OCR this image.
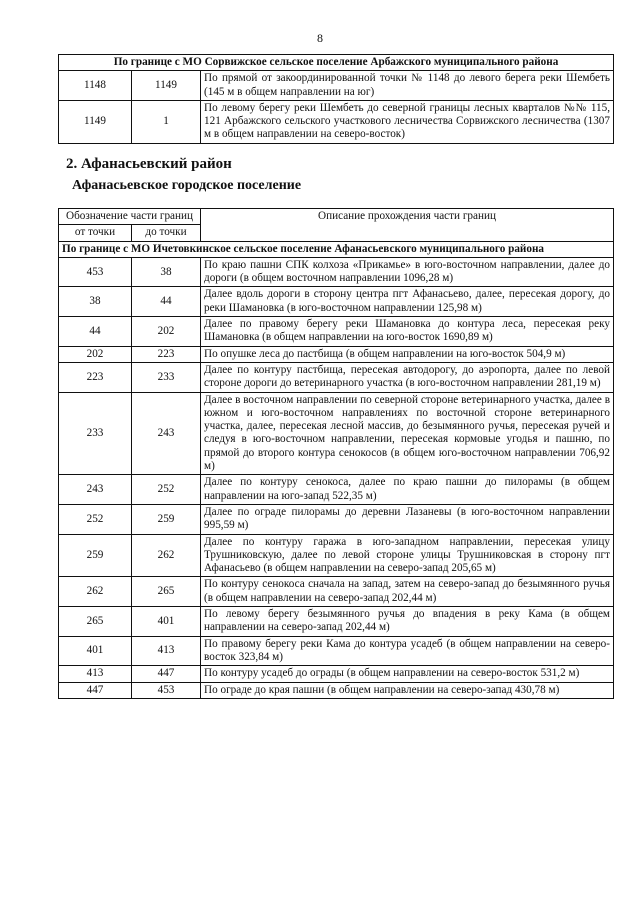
8
По границе с МО Сорвижское сельское поселение Арбажского муниципального района		
1148	1149	По прямой от закоординированной точки № 1148 до левого берега реки Шембеть (145 м в общем направлении на юг)
1149	1	По левому берегу реки Шембеть до северной границы лесных кварталов №№ 115, 121 Арбажского сельского участкового лесничества Сорвижского лесничества (1307 м в общем направлении на северо-восток)
2. Афанасьевский район
Афанасьевское городское поселение
Обозначение части границ		Описание прохождения части границ
от точки	до точки	
По границе с МО Ичетовкинское сельское поселение Афанасьевского муниципального района		
453	38	По краю пашни СПК колхоза «Прикамье» в юго-восточном направлении, далее до дороги (в общем восточном направлении 1096,28 м)
38	44	Далее вдоль дороги в сторону центра пгт Афанасьево, далее, пересекая дорогу, до реки Шамановка (в юго-восточном направлении 125,98 м)
44	202	Далее по правому берегу реки Шамановка до контура леса, пересекая реку Шамановка (в общем направлении на юго-восток 1690,89 м)
202	223	По опушке леса до пастбища (в общем направлении на юго-восток 504,9 м)
223	233	Далее по контуру пастбища, пересекая автодорогу, до аэропорта, далее по левой стороне дороги до ветеринарного участка (в юго-восточном направлении 281,19 м)
233	243	Далее в восточном направлении по северной стороне ветеринарного участка, далее в южном и юго-восточном направлениях по восточной стороне ветеринарного участка, далее, пересекая лесной массив, до безымянного ручья, пересекая ручей и следуя в юго-восточном направлении, пересекая кормовые угодья и пашню, по прямой до второго контура сенокосов (в общем юго-восточном направлении 706,92 м)
243	252	Далее по контуру сенокоса, далее по краю пашни до пилорамы (в общем направлении на юго-запад 522,35 м)
252	259	Далее по ограде пилорамы до деревни Лазаневы (в юго-восточном направлении 995,59 м)
259	262	Далее по контуру гаража в юго-западном направлении, пересекая улицу Трушниковскую, далее по левой стороне улицы Трушниковская в сторону пгт Афанасьево (в общем направлении на северо-запад 205,65 м)
262	265	По контуру сенокоса сначала на запад, затем на северо-запад до безымянного ручья (в общем направлении на северо-запад 202,44 м)
265	401	По левому берегу безымянного ручья до впадения в реку Кама (в общем направлении на северо-запад 202,44 м)
401	413	По правому берегу реки Кама до контура усадеб (в общем направлении на северо-восток 323,84 м)
413	447	По контуру усадеб до ограды (в общем направлении на северо-восток 531,2 м)
447	453	По ограде до края пашни (в общем направлении на северо-запад 430,78 м)
